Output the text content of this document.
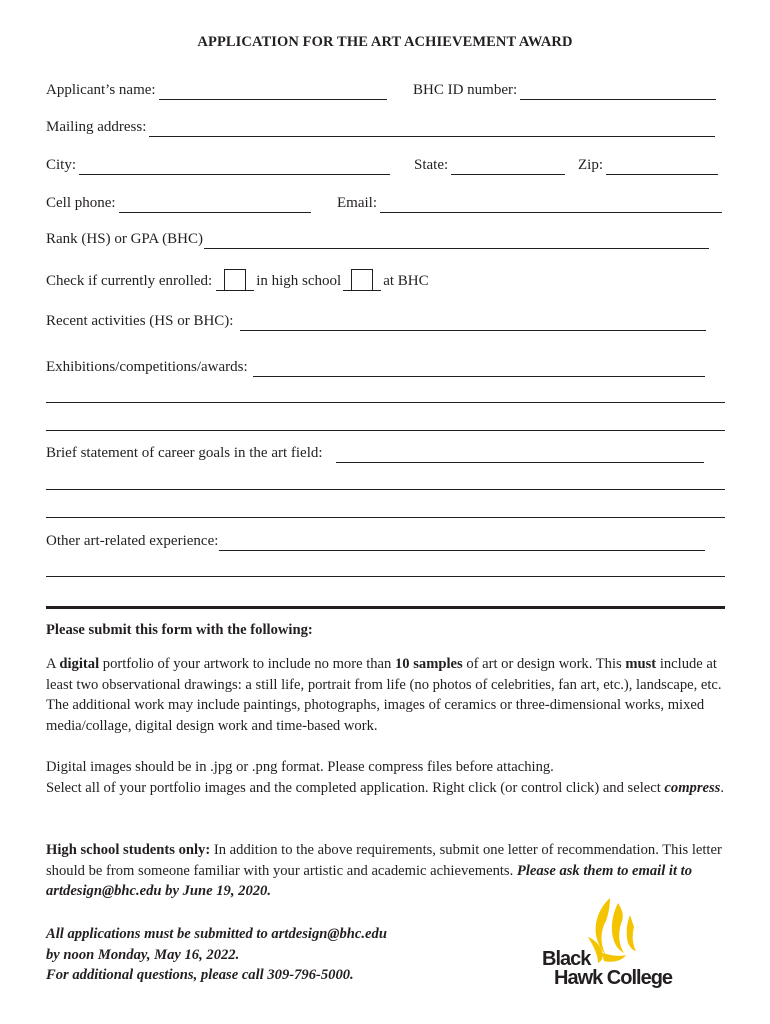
APPLICATION FOR THE ART ACHIEVEMENT AWARD
Applicant’s name:	BHC ID number:
Mailing address:
City:	State:	Zip:
Cell phone:	Email:
Rank (HS) or GPA (BHC)
Check if currently enrolled:	in high school	at BHC
Recent activities (HS or BHC):
Exhibitions/competitions/awards:
Brief statement of career goals in the art field:
Other art-related experience:
Please submit this form with the following:
A digital portfolio of your artwork to include no more than 10 samples of art or design work. This must include at least two observational drawings: a still life, portrait from life (no photos of celebrities, fan art, etc.), landscape, etc. The additional work may include paintings, photographs, images of ceramics or three-dimensional works, mixed media/collage, digital design work and time-based work.
Digital images should be in .jpg or .png format. Please compress files before attaching.
Select all of your portfolio images and the completed application. Right click (or control click) and select compress.
High school students only: In addition to the above requirements, submit one letter of recommendation. This letter should be from someone familiar with your artistic and academic achievements. Please ask them to email it to artdesign@bhc.edu by June 19, 2020.
All applications must be submitted to artdesign@bhc.edu
by noon Monday, May 16, 2022.
For additional questions, please call 309-796-5000.
Black
Hawk College
